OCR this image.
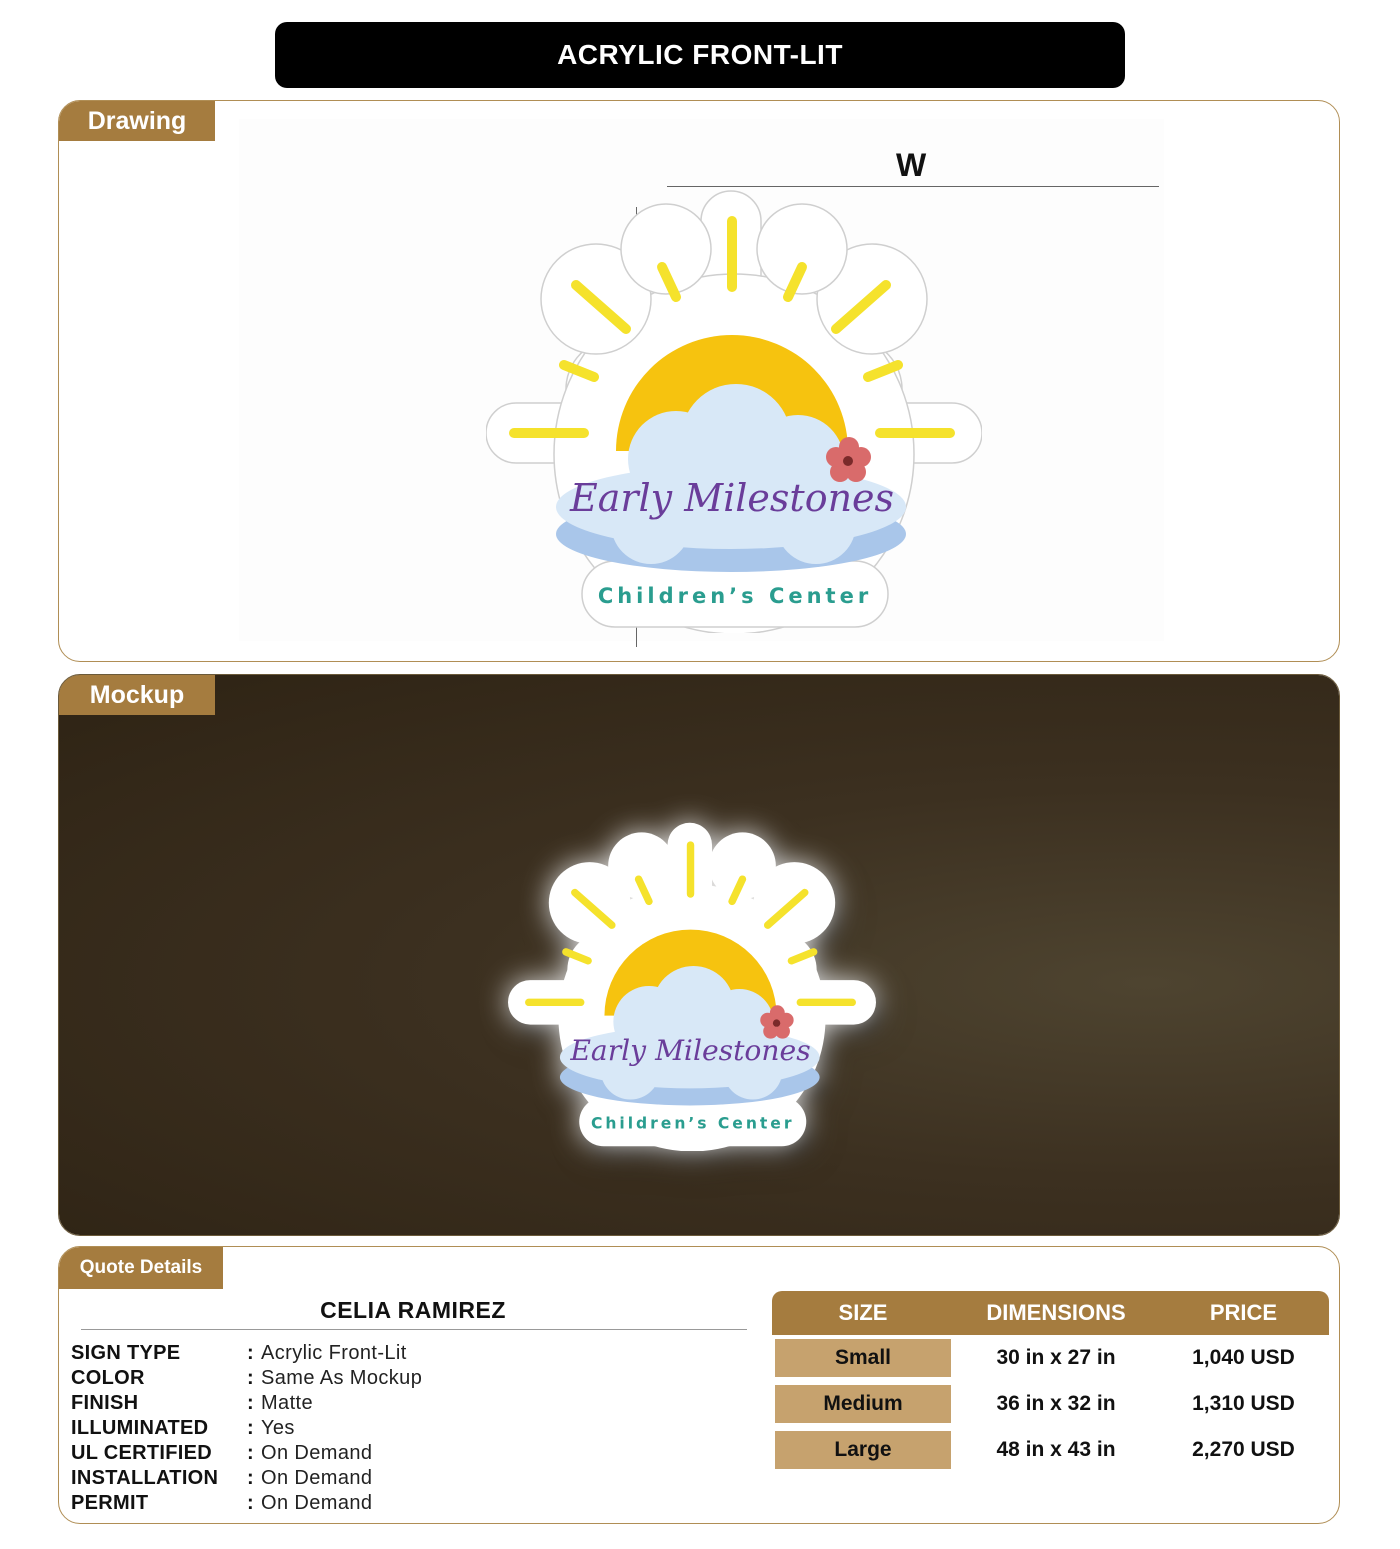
ACRYLIC FRONT-LIT
Drawing
W
Early Milestones
Children’s Center
Mockup
Early Milestones
Children’s Center
Quote Details
CELIA RAMIREZ
SIGN TYPE	: Acrylic Front-Lit
COLOR	: Same As Mockup
FINISH	: Matte
ILLUMINATED	: Yes
UL CERTIFIED	: On Demand
INSTALLATION	: On Demand
PERMIT	: On Demand
SIZE	DIMENSIONS	PRICE
Small	30 in x 27 in	1,040 USD
Medium	36 in x 32 in	1,310 USD
Large	48 in x 43 in	2,270 USD
